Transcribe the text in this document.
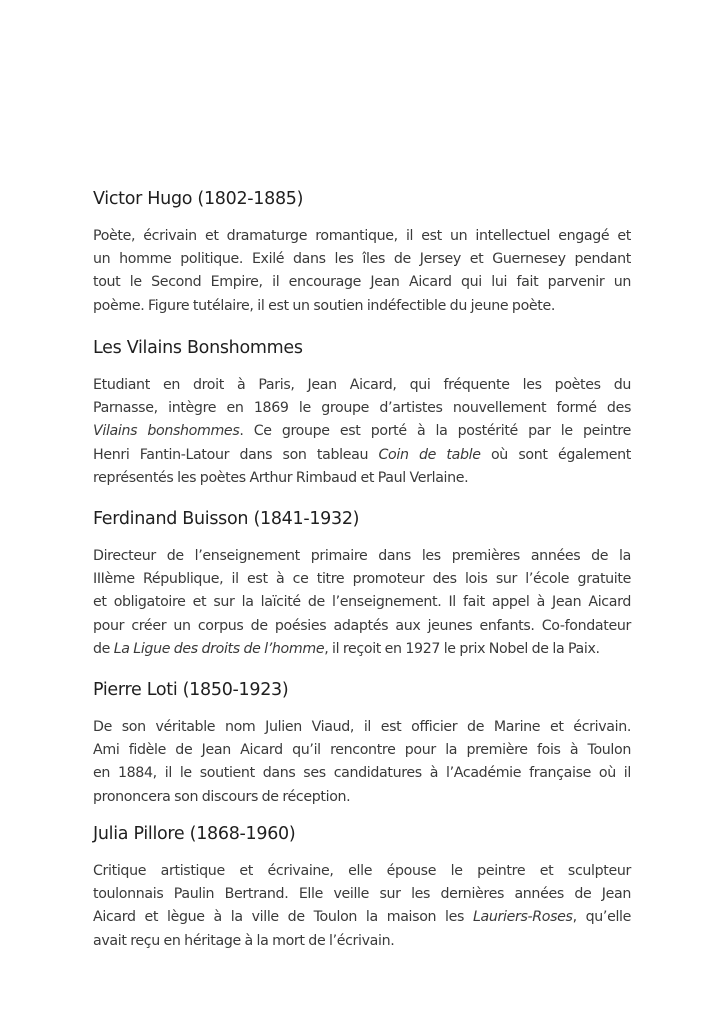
Victor Hugo (1802-1885)

Poète, écrivain et dramaturge romantique, il est un intellectuel engagé et
un homme politique. Exilé dans les îles de Jersey et Guernesey pendant
tout le Second Empire, il encourage Jean Aicard qui lui fait parvenir un
poème. Figure tutélaire, il est un soutien indéfectible du jeune poète.

Les Vilains Bonshommes

Etudiant en droit à Paris, Jean Aicard, qui fréquente les poètes du
Parnasse, intègre en 1869 le groupe d’artistes nouvellement formé des
Vilains bonshommes. Ce groupe est porté à la postérité par le peintre
Henri Fantin-Latour dans son tableau Coin de table où sont également
représentés les poètes Arthur Rimbaud et Paul Verlaine.

Ferdinand Buisson (1841-1932)

Directeur de l’enseignement primaire dans les premières années de la
IIIème République, il est à ce titre promoteur des lois sur l’école gratuite
et obligatoire et sur la laïcité de l’enseignement. Il fait appel à Jean Aicard
pour créer un corpus de poésies adaptés aux jeunes enfants. Co-fondateur
de La Ligue des droits de l’homme, il reçoit en 1927 le prix Nobel de la Paix.

Pierre Loti (1850-1923)

De son véritable nom Julien Viaud, il est officier de Marine et écrivain.
Ami fidèle de Jean Aicard qu’il rencontre pour la première fois à Toulon
en 1884, il le soutient dans ses candidatures à l’Académie française où il
prononcera son discours de réception.

Julia Pillore (1868-1960)

Critique artistique et écrivaine, elle épouse le peintre et sculpteur
toulonnais Paulin Bertrand. Elle veille sur les dernières années de Jean
Aicard et lègue à la ville de Toulon la maison les Lauriers-Roses, qu’elle
avait reçu en héritage à la mort de l’écrivain.
